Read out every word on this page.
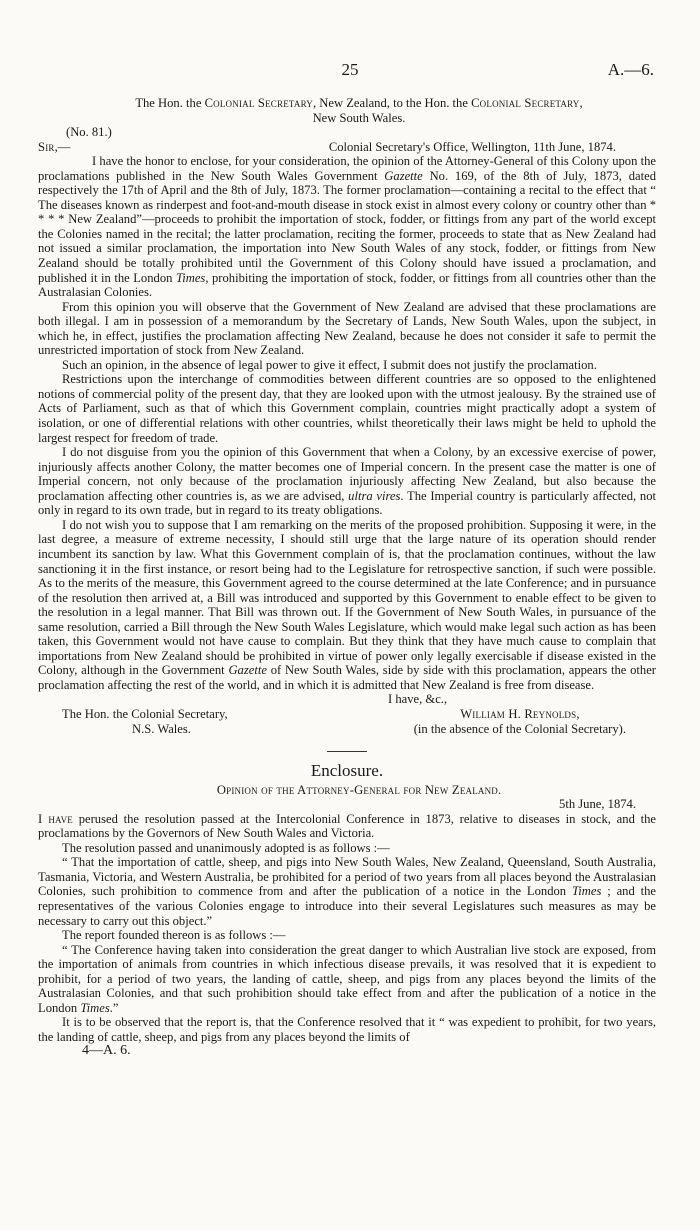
25	A.—6.

The Hon. the Colonial Secretary, New Zealand, to the Hon. the Colonial Secretary,

New South Wales.

(No. 81.)

Sir,—	Colonial Secretary's Office, Wellington, 11th June, 1874.

I have the honor to enclose, for your consideration, the opinion of the Attorney-General of this Colony upon the proclamations published in the New South Wales Government Gazette No. 169, of the 8th of July, 1873, dated respectively the 17th of April and the 8th of July, 1873. The former proclamation—containing a recital to the effect that “ The diseases known as rinderpest and foot-and-mouth disease in stock exist in almost every colony or country other than * * * * New Zealand”—proceeds to prohibit the importation of stock, fodder, or fittings from any part of the world except the Colonies named in the recital; the latter proclamation, reciting the former, proceeds to state that as New Zealand had not issued a similar proclamation, the importation into New South Wales of any stock, fodder, or fittings from New Zealand should be totally prohibited until the Government of this Colony should have issued a proclamation, and published it in the London Times, prohibiting the importation of stock, fodder, or fittings from all countries other than the Australasian Colonies.

From this opinion you will observe that the Government of New Zealand are advised that these proclamations are both illegal. I am in possession of a memorandum by the Secretary of Lands, New South Wales, upon the subject, in which he, in effect, justifies the proclamation affecting New Zealand, because he does not consider it safe to permit the unrestricted importation of stock from New Zealand.

Such an opinion, in the absence of legal power to give it effect, I submit does not justify the proclamation.

Restrictions upon the interchange of commodities between different countries are so opposed to the enlightened notions of commercial polity of the present day, that they are looked upon with the utmost jealousy. By the strained use of Acts of Parliament, such as that of which this Government complain, countries might practically adopt a system of isolation, or one of differential relations with other countries, whilst theoretically their laws might be held to uphold the largest respect for freedom of trade.

I do not disguise from you the opinion of this Government that when a Colony, by an excessive exercise of power, injuriously affects another Colony, the matter becomes one of Imperial concern. In the present case the matter is one of Imperial concern, not only because of the proclamation injuriously affecting New Zealand, but also because the proclamation affecting other countries is, as we are advised, ultra vires. The Imperial country is particularly affected, not only in regard to its own trade, but in regard to its treaty obligations.

I do not wish you to suppose that I am remarking on the merits of the proposed prohibition. Supposing it were, in the last degree, a measure of extreme necessity, I should still urge that the large nature of its operation should render incumbent its sanction by law. What this Government complain of is, that the proclamation continues, without the law sanctioning it in the first instance, or resort being had to the Legislature for retrospective sanction, if such were possible. As to the merits of the measure, this Government agreed to the course determined at the late Conference; and in pursuance of the resolution then arrived at, a Bill was introduced and supported by this Government to enable effect to be given to the resolution in a legal manner. That Bill was thrown out. If the Government of New South Wales, in pursuance of the same resolution, carried a Bill through the New South Wales Legislature, which would make legal such action as has been taken, this Government would not have cause to complain. But they think that they have much cause to complain that importations from New Zealand should be prohibited in virtue of power only legally exercisable if disease existed in the Colony, although in the Government Gazette of New South Wales, side by side with this proclamation, appears the other proclamation affecting the rest of the world, and in which it is admitted that New Zealand is free from disease.

I have, &c.,

The Hon. the Colonial Secretary,
N.S. Wales.
William H. Reynolds,
(in the absence of the Colonial Secretary).
Enclosure.

Opinion of the Attorney-General for New Zealand.

5th June, 1874.

I have perused the resolution passed at the Intercolonial Conference in 1873, relative to diseases in stock, and the proclamations by the Governors of New South Wales and Victoria.

The resolution passed and unanimously adopted is as follows :—

“ That the importation of cattle, sheep, and pigs into New South Wales, New Zealand, Queensland, South Australia, Tasmania, Victoria, and Western Australia, be prohibited for a period of two years from all places beyond the Australasian Colonies, such prohibition to commence from and after the publication of a notice in the London Times ; and the representatives of the various Colonies engage to introduce into their several Legislatures such measures as may be necessary to carry out this object.”

The report founded thereon is as follows :—

“ The Conference having taken into consideration the great danger to which Australian live stock are exposed, from the importation of animals from countries in which infectious disease prevails, it was resolved that it is expedient to prohibit, for a period of two years, the landing of cattle, sheep, and pigs from any places beyond the limits of the Australasian Colonies, and that such prohibition should take effect from and after the publication of a notice in the London Times.”

It is to be observed that the report is, that the Conference resolved that it “ was expedient to prohibit, for two years, the landing of cattle, sheep, and pigs from any places beyond the limits of

4—A. 6.
